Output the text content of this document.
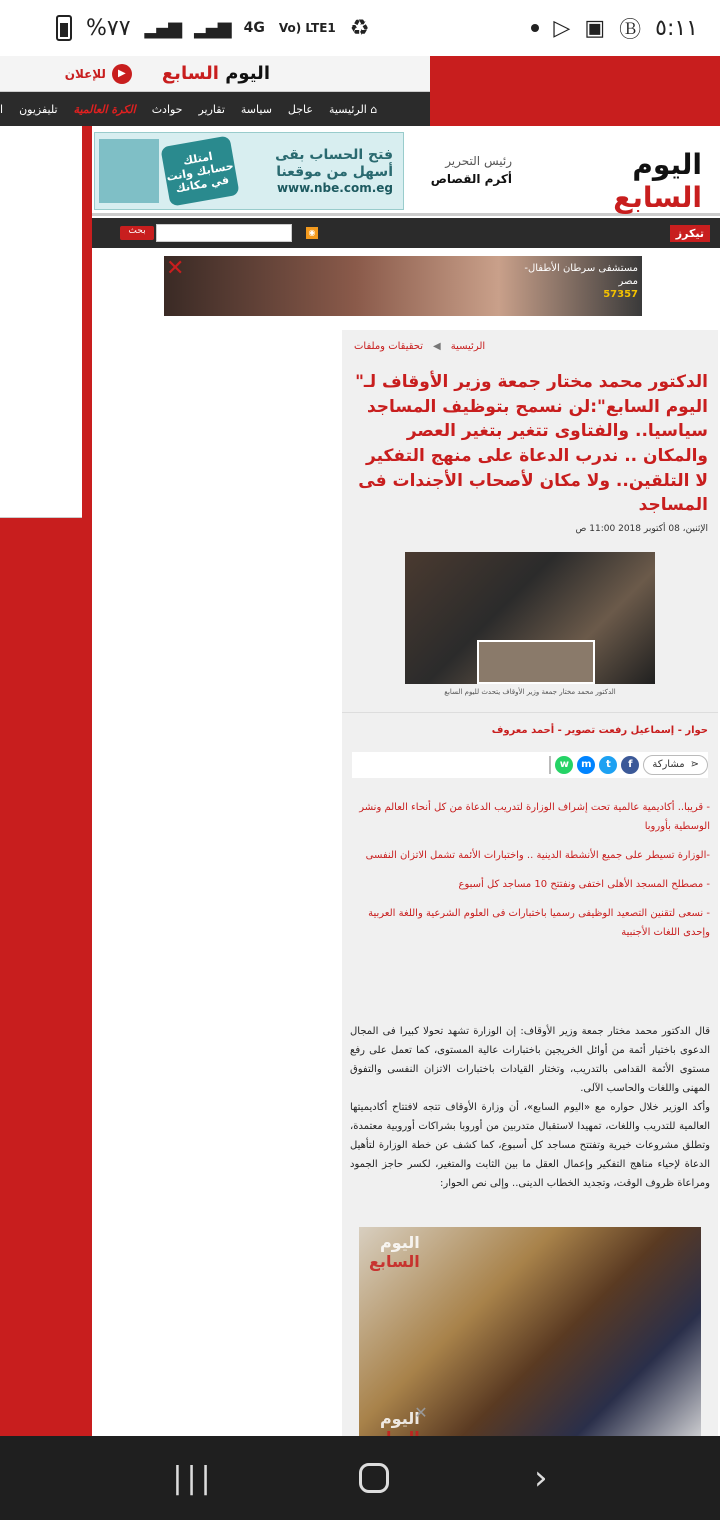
%٧٧ ▂▄▆ ▂▄▆ 4G Vo) LTE1 ♻	▷ ▣ Ⓑ ٥:١١
للإعلان	▶	اليوم السابع
⌂ الرئيسية
عاجل
سياسة
تقارير
حوادث
الكرة العالمية
تليفزيون
ا
امتلك حسابك وانت في مكانك
فتح الحساب بقى أسهل من موقعنا
www.nbe.com.eg
رئيس التحرير
أكرم القصاص	اليوم السابع
بحث	◉	تيكرز
✕	مستشفى سرطان الأطفال-مصر
57357
الرئيسية
◀
تحقيقات وملفات
الدكتور محمد مختار جمعة وزير الأوقاف لـ" اليوم السابع":لن نسمح بتوظيف المساجد سياسيا.. والفتاوى تتغير بتغير العصر والمكان .. ندرب الدعاة على منهج التفكير لا التلقين.. ولا مكان لأصحاب الأجندات فى المساجد
الإثنين، 08 أكتوبر 2018 11:00 ص
الدكتور محمد مختار جمعة وزير الأوقاف يتحدث لليوم السابع
حوار - إسماعيل رفعت تصوير - أحمد معروف
w	m	t	f	⋖
مشاركة
- قريبا.. أكاديمية عالمية تحت إشراف الوزارة لتدريب الدعاة من كل أنحاء العالم ونشر الوسطية بأوروبا
-الوزارة تسيطر على جميع الأنشطة الدينية .. واختبارات الأئمة تشمل الاتزان النفسى
- مصطلح المسجد الأهلى اختفى ونفتتح 10 مساجد كل أسبوع
- نسعى لتقنين التصعيد الوظيفى رسميا باختبارات فى العلوم الشرعية واللغة العربية وإحدى اللغات الأجنبية

قال الدكتور محمد مختار جمعة وزير الأوقاف: إن الوزارة تشهد تحولا كبيرا فى المجال الدعوى باختيار أئمة من أوائل الخريجين باختبارات عالية المستوى، كما تعمل على رفع مستوى الأئمة القدامى بالتدريب، وتختار القيادات باختبارات الاتزان النفسى والتفوق المهنى واللغات والحاسب الآلى.

وأكد الوزير خلال حواره مع «اليوم السابع»، أن وزارة الأوقاف تتجه لافتتاح أكاديميتها العالمية للتدريب واللغات، تمهيدا لاستقبال متدربين من أوروبا بشراكات أوروبية معتمدة، وتطلق مشروعات خيرية وتفتتح مساجد كل أسبوع، كما كشف عن خطة الوزارة لتأهيل الدعاة لإحياء مناهج التفكير وإعمال العقل ما بين الثابت والمتغير، لكسر حاجز الجمود ومراعاة ظروف الوقت، وتجديد الخطاب الدينى.. وإلى نص الحوار:

اليوم
السابع
اليوم

✕
|||	›
